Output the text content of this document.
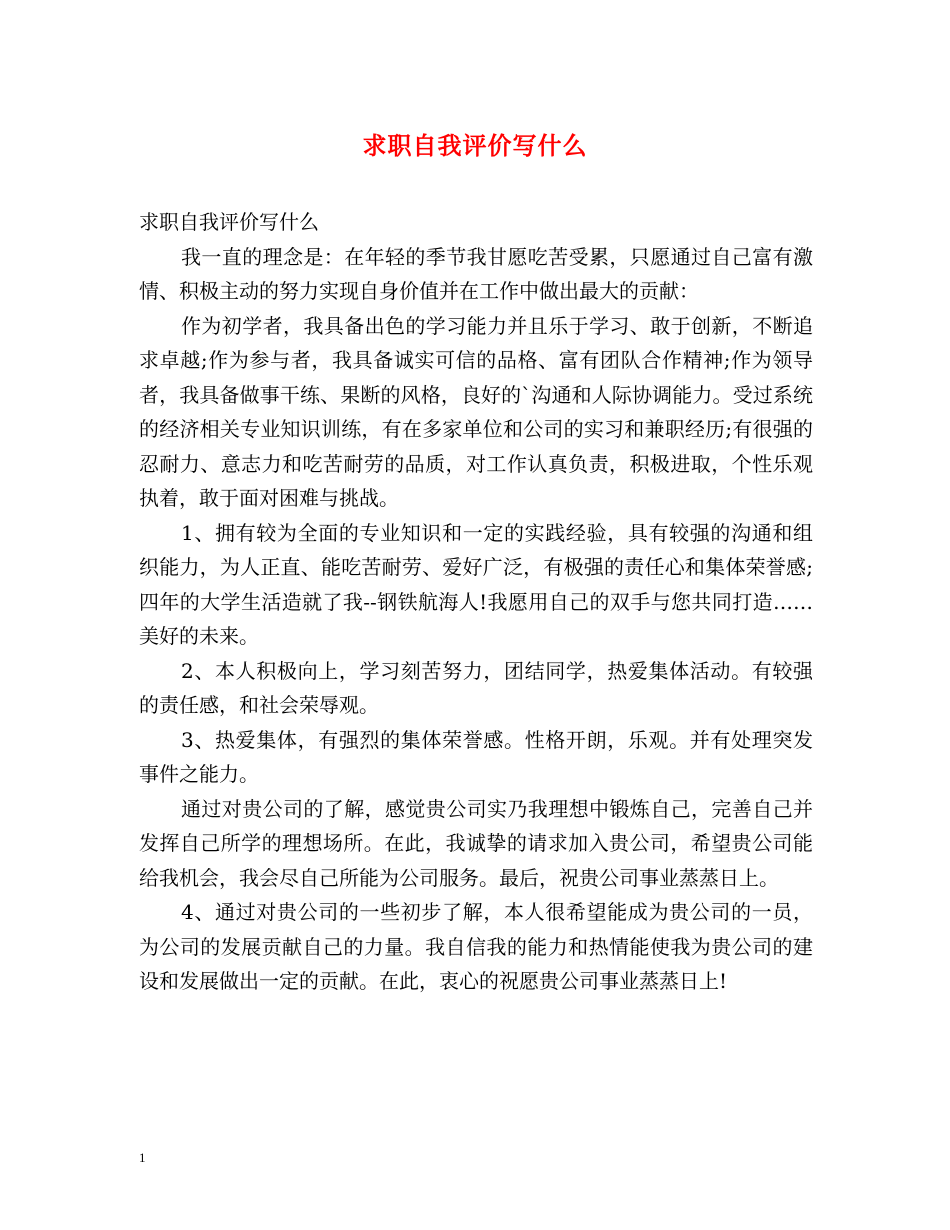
求职自我评价写什么

求职自我评价写什么

我一直的理念是：在年轻的季节我甘愿吃苦受累，只愿通过自己富有激情、积极主动的努力实现自身价值并在工作中做出最大的贡献：

作为初学者，我具备出色的学习能力并且乐于学习、敢于创新，不断追求卓越;作为参与者，我具备诚实可信的品格、富有团队合作精神;作为领导者，我具备做事干练、果断的风格，良好的`沟通和人际协调能力。受过系统的经济相关专业知识训练，有在多家单位和公司的实习和兼职经历;有很强的忍耐力、意志力和吃苦耐劳的品质，对工作认真负责，积极进取，个性乐观执着，敢于面对困难与挑战。

1、拥有较为全面的专业知识和一定的实践经验，具有较强的沟通和组织能力，为人正直、能吃苦耐劳、爱好广泛，有极强的责任心和集体荣誉感;四年的大学生活造就了我--钢铁航海人!我愿用自己的双手与您共同打造……美好的未来。

2、本人积极向上，学习刻苦努力，团结同学，热爱集体活动。有较强的责任感，和社会荣辱观。

3、热爱集体，有强烈的集体荣誉感。性格开朗，乐观。并有处理突发事件之能力。

通过对贵公司的了解，感觉贵公司实乃我理想中锻炼自己，完善自己并发挥自己所学的理想场所。在此，我诚挚的请求加入贵公司，希望贵公司能给我机会，我会尽自己所能为公司服务。最后，祝贵公司事业蒸蒸日上。

4、通过对贵公司的一些初步了解，本人很希望能成为贵公司的一员，为公司的发展贡献自己的力量。我自信我的能力和热情能使我为贵公司的建设和发展做出一定的贡献。在此，衷心的祝愿贵公司事业蒸蒸日上!

1
